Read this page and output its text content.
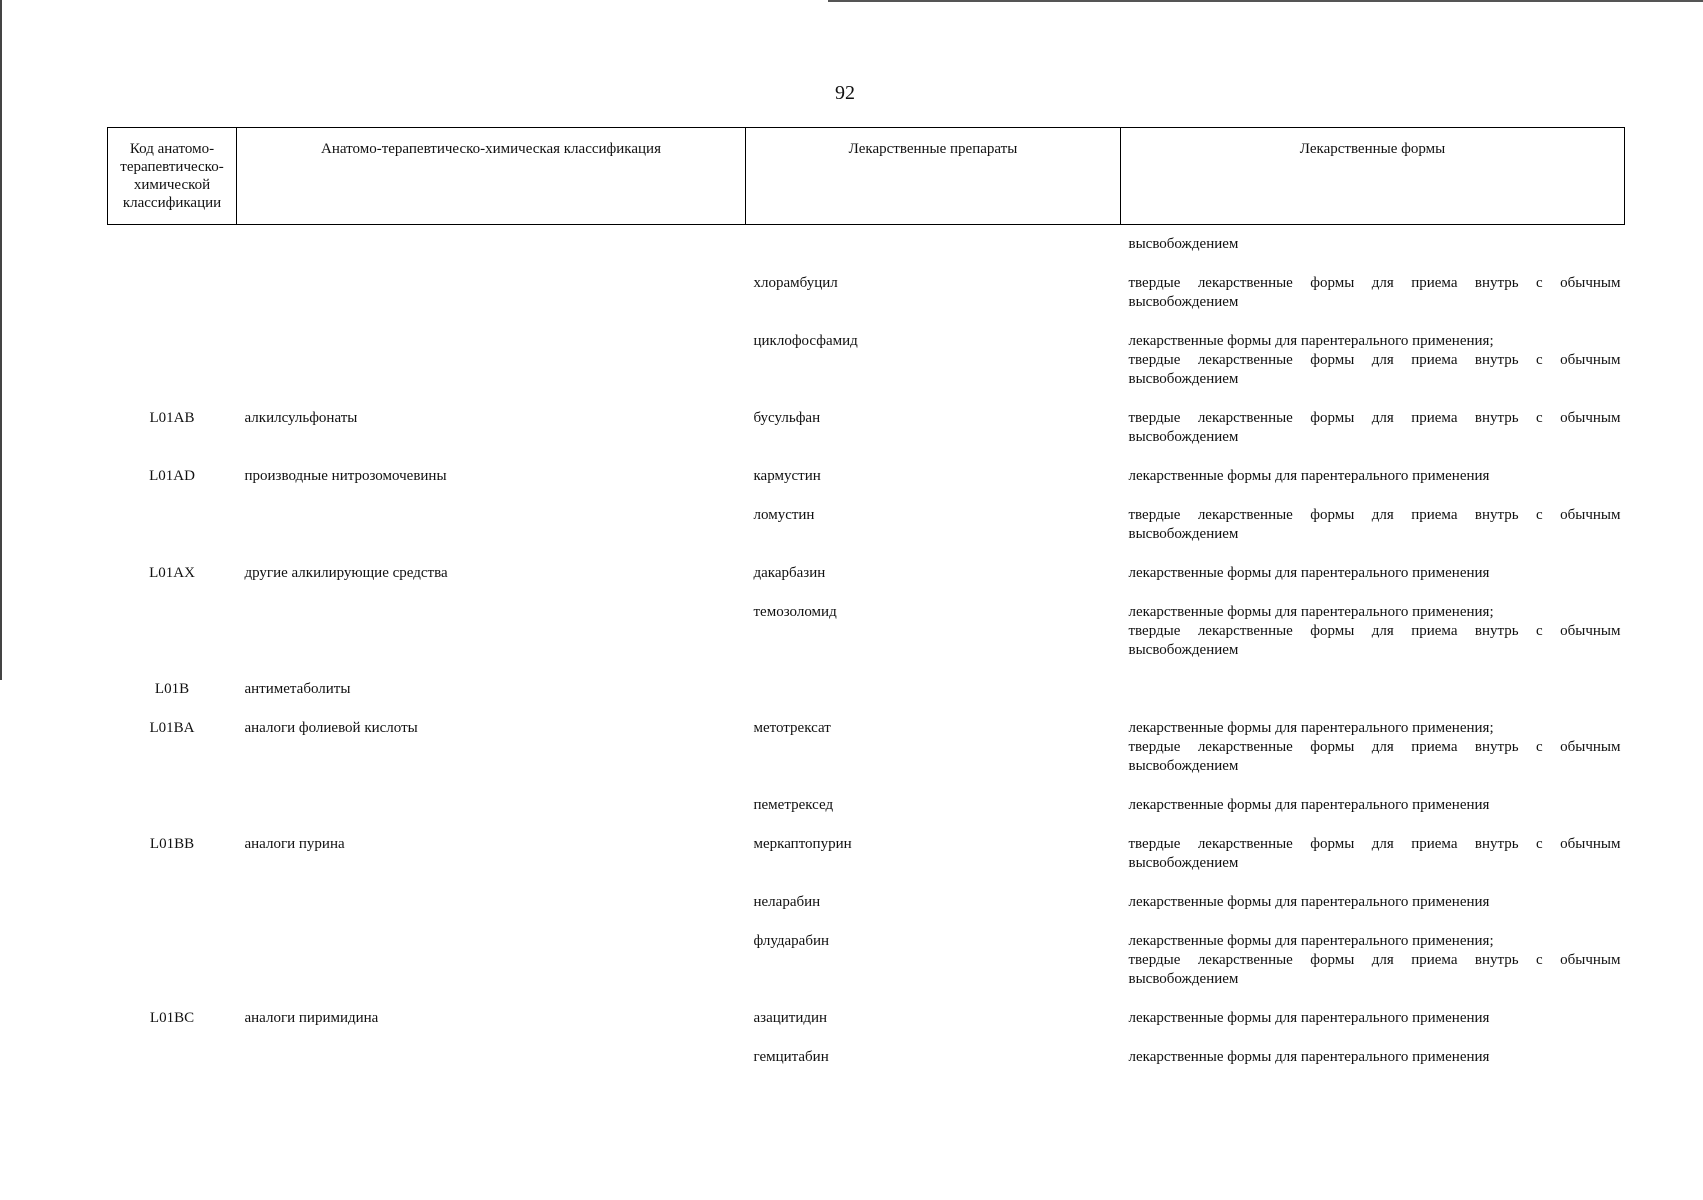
92
Код анатомо-терапевтическо-химической классификации	Анатомо-терапевтическо-химическая классификация	Лекарственные препараты	Лекарственные формы

			высвобождением

		хлорамбуцил	твердые лекарственные формы для приема внутрь с обычным высвобождением

		циклофосфамид	лекарственные формы для парентерального применения;
твердые лекарственные формы для приема внутрь с обычным высвобождением

L01AB	алкилсульфонаты	бусульфан	твердые лекарственные формы для приема внутрь с обычным высвобождением

L01AD	производные нитрозомочевины	кармустин	лекарственные формы для парентерального применения

		ломустин	твердые лекарственные формы для приема внутрь с обычным высвобождением

L01AX	другие алкилирующие средства	дакарбазин	лекарственные формы для парентерального применения

		темозоломид	лекарственные формы для парентерального применения;
твердые лекарственные формы для приема внутрь с обычным высвобождением

L01B	антиметаболиты		
L01BA	аналоги фолиевой кислоты	метотрексат	лекарственные формы для парентерального применения;
твердые лекарственные формы для приема внутрь с обычным высвобождением

		пеметрексед	лекарственные формы для парентерального применения

L01BB	аналоги пурина	меркаптопурин	твердые лекарственные формы для приема внутрь с обычным высвобождением

		неларабин	лекарственные формы для парентерального применения

		флударабин	лекарственные формы для парентерального применения;
твердые лекарственные формы для приема внутрь с обычным высвобождением

L01BC	аналоги пиримидина	азацитидин	лекарственные формы для парентерального применения

		гемцитабин	лекарственные формы для парентерального применения
